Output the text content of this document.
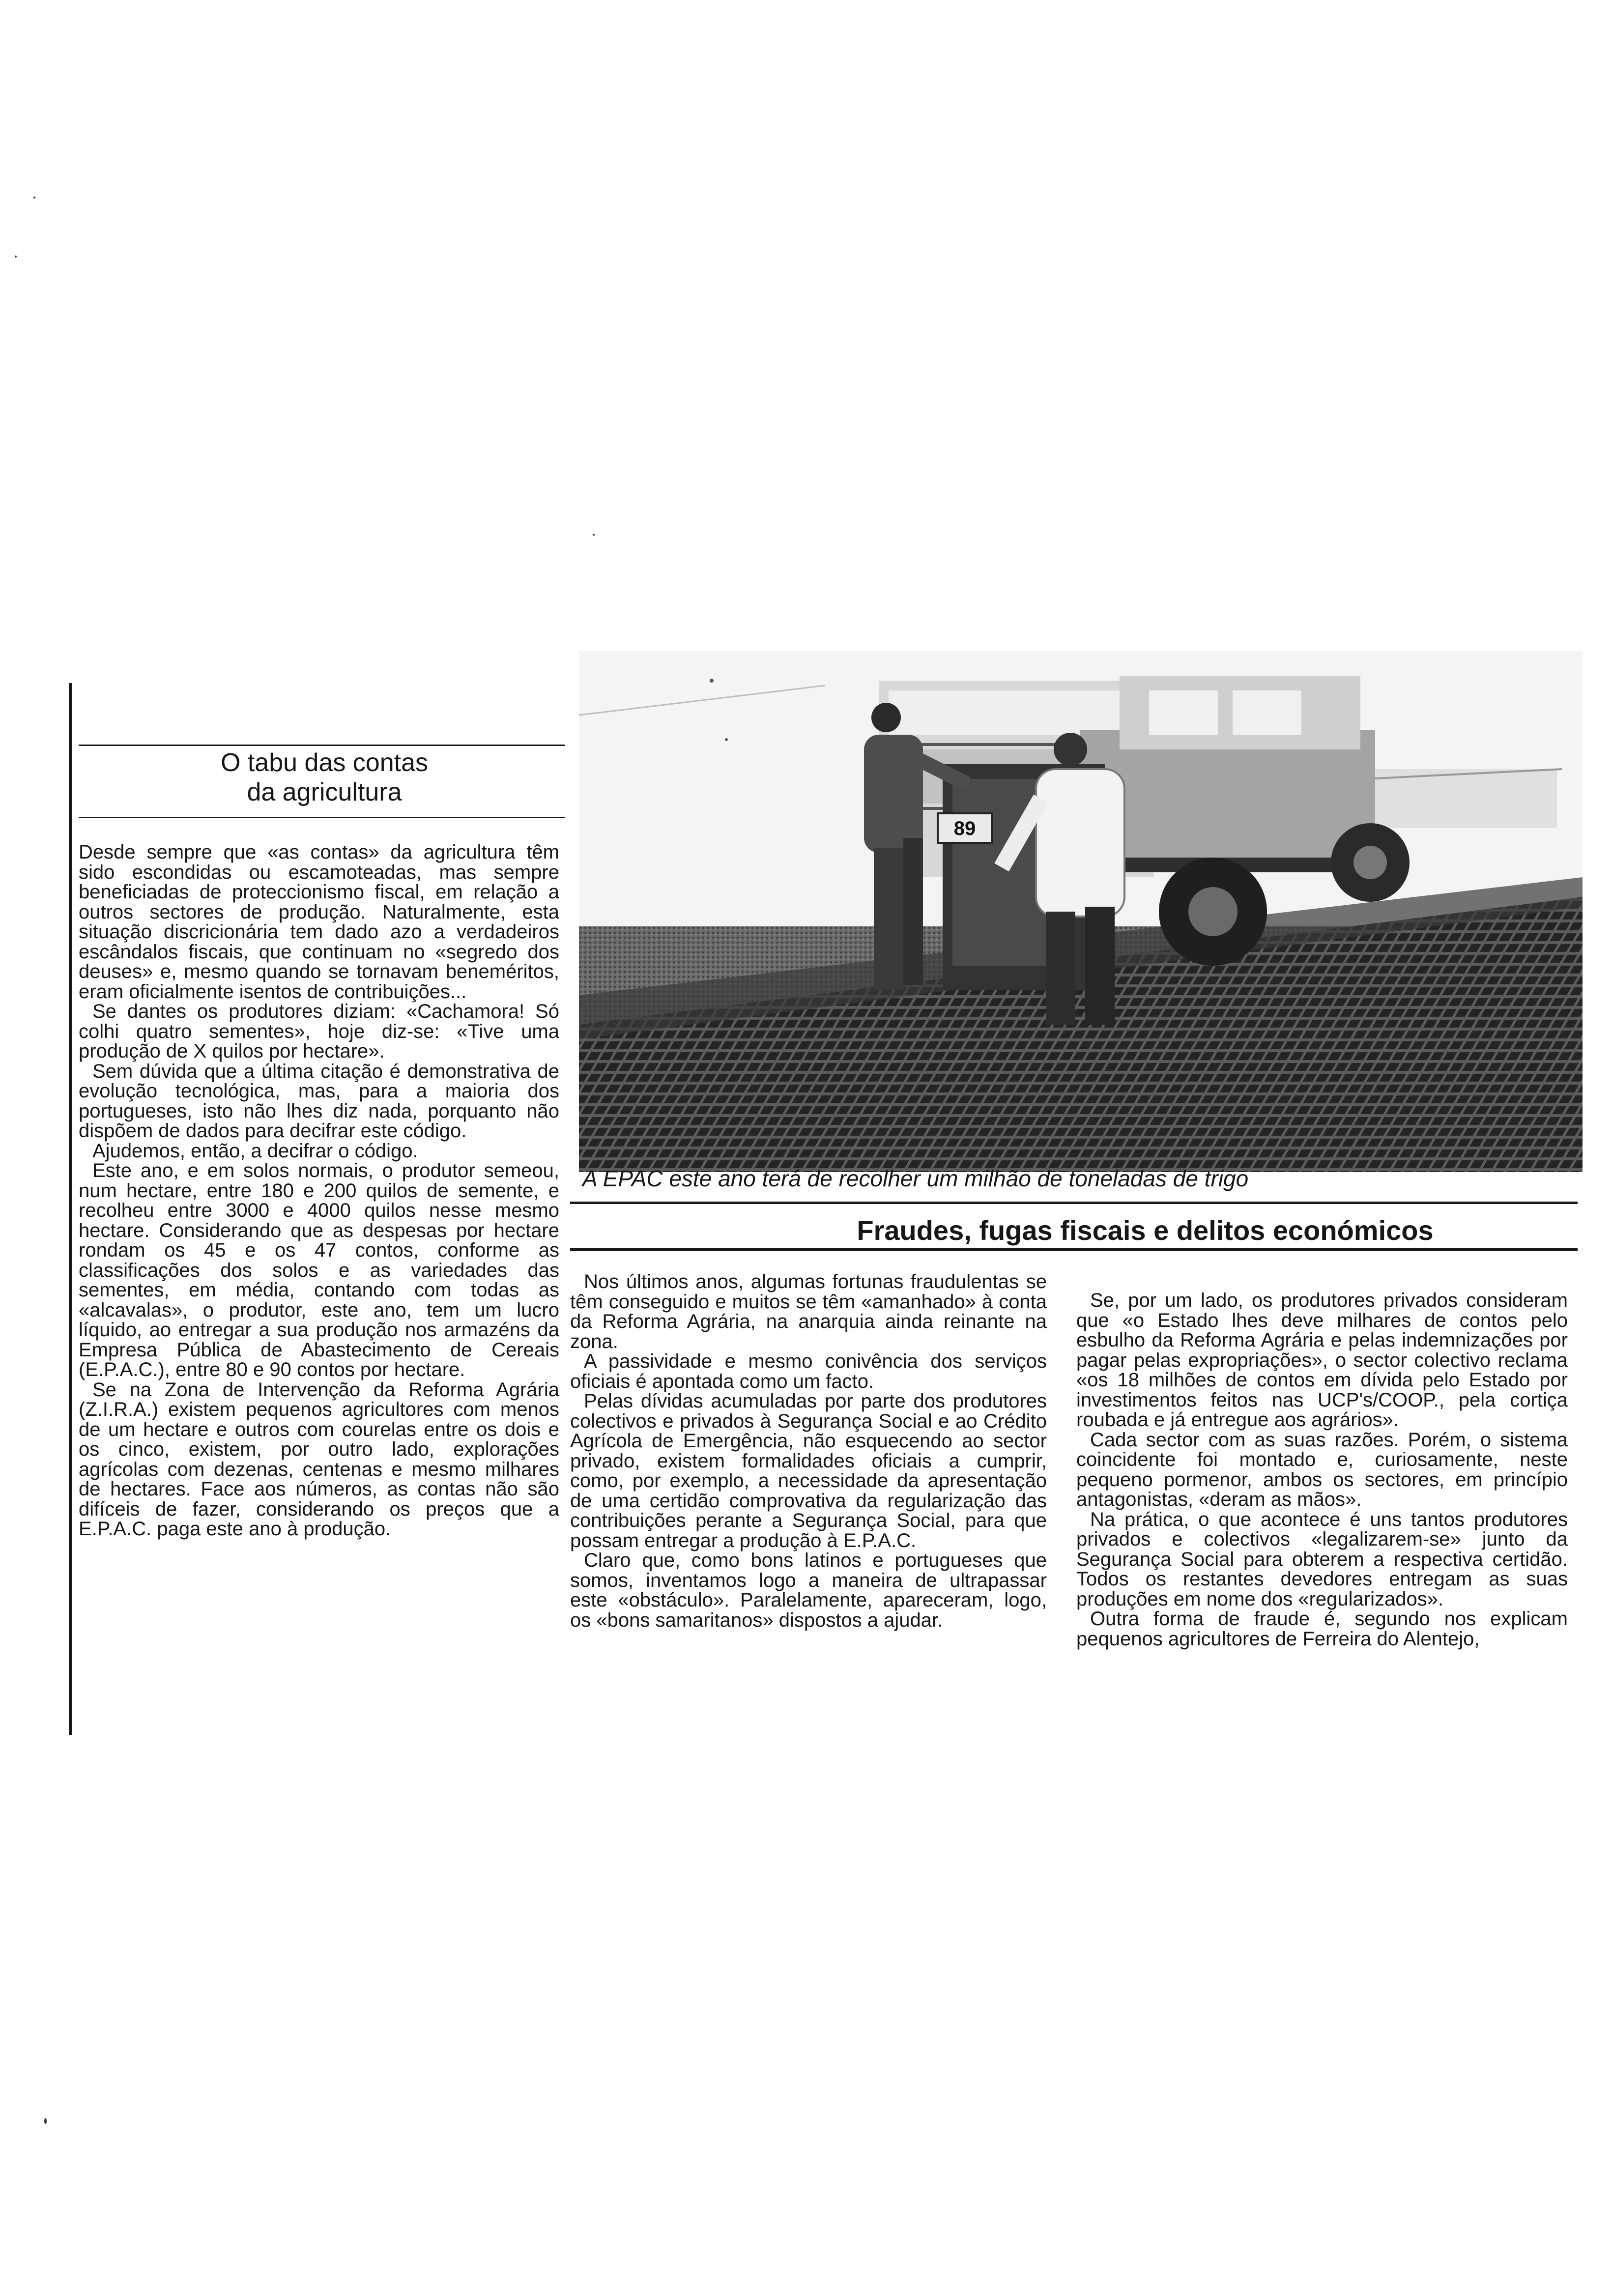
O tabu das contas
da agricultura

Desde sempre que «as contas» da agricultura têm sido escondidas ou escamoteadas, mas sempre beneficiadas de proteccionismo fiscal, em relação a outros sectores de produção. Naturalmente, esta situação discricionária tem dado azo a verdadeiros escândalos fiscais, que continuam no «segredo dos deuses» e, mesmo quando se tornavam beneméritos, eram oficialmente isentos de contribuições...

Se dantes os produtores diziam: «Cachamora! Só colhi quatro sementes», hoje diz-se: «Tive uma produção de X quilos por hectare».

Sem dúvida que a última citação é demonstrativa de evolução tecnológica, mas, para a maioria dos portugueses, isto não lhes diz nada, porquanto não dispõem de dados para decifrar este código.

Ajudemos, então, a decifrar o código.

Este ano, e em solos normais, o produtor semeou, num hectare, entre 180 e 200 quilos de semente, e recolheu entre 3000 e 4000 quilos nesse mesmo hectare. Considerando que as despesas por hectare rondam os 45 e os 47 contos, conforme as classificações dos solos e as variedades das sementes, em média, contando com todas as «alcavalas», o produtor, este ano, tem um lucro líquido, ao entregar a sua produção nos armazéns da Empresa Pública de Abastecimento de Cereais (E.P.A.C.), entre 80 e 90 contos por hectare.

Se na Zona de Intervenção da Reforma Agrária (Z.I.R.A.) existem pequenos agricultores com menos de um hectare e outros com courelas entre os dois e os cinco, existem, por outro lado, explorações agrícolas com dezenas, centenas e mesmo milhares de hectares. Face aos números, as contas não são difíceis de fazer, considerando os preços que a E.P.A.C. paga este ano à produção.

89

A EPAC este ano terá de recolher um milhão de toneladas de trigo

Fraudes, fugas fiscais e delitos económicos

Nos últimos anos, algumas fortunas fraudulentas se têm conseguido e muitos se têm «amanhado» à conta da Reforma Agrária, na anarquia ainda reinante na zona.

A passividade e mesmo conivência dos serviços oficiais é apontada como um facto.

Pelas dívidas acumuladas por parte dos produtores colectivos e privados à Segurança Social e ao Crédito Agrícola de Emergência, não esquecendo ao sector privado, existem formalidades oficiais a cumprir, como, por exemplo, a necessidade da apresentação de uma certidão comprovativa da regularização das contribuições perante a Segurança Social, para que possam entregar a produção à E.P.A.C.

Claro que, como bons latinos e portugueses que somos, inventamos logo a maneira de ultrapassar este «obstáculo». Paralelamente, apareceram, logo, os «bons samaritanos» dispostos a ajudar.

Se, por um lado, os produtores privados consideram que «o Estado lhes deve milhares de contos pelo esbulho da Reforma Agrária e pelas indemnizações por pagar pelas expropriações», o sector colectivo reclama «os 18 milhões de contos em dívida pelo Estado por investimentos feitos nas UCP's/COOP., pela cortiça roubada e já entregue aos agrários».

Cada sector com as suas razões. Porém, o sistema coincidente foi montado e, curiosamente, neste pequeno pormenor, ambos os sectores, em princípio antagonistas, «deram as mãos».

Na prática, o que acontece é uns tantos produtores privados e colectivos «legalizarem-se» junto da Segurança Social para obterem a respectiva certidão. Todos os restantes devedores entregam as suas produções em nome dos «regularizados».

Outra forma de fraude é, segundo nos explicam pequenos agricultores de Ferreira do Alentejo,
